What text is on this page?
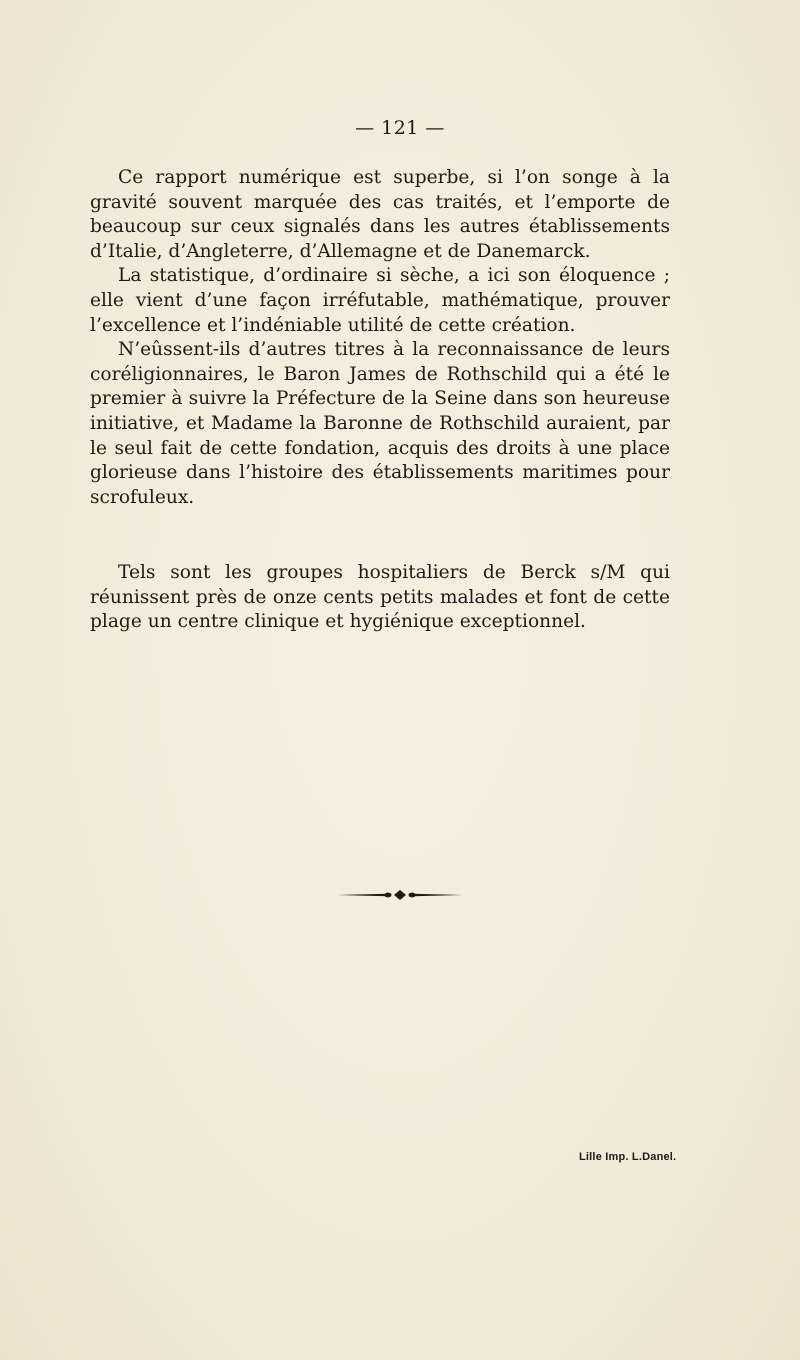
— 121 —

Ce rapport numérique est superbe, si l’on songe à la gravité souvent marquée des cas traités, et l’emporte de beaucoup sur ceux signalés dans les autres établissements d’Italie, d’Angleterre, d’Allemagne et de Danemarck.

La statistique, d’ordinaire si sèche, a ici son éloquence ; elle vient d’une façon irréfutable, mathématique, prouver l’excellence et l’indéniable utilité de cette création.

N’eûssent-ils d’autres titres à la reconnaissance de leurs coréligionnaires, le Baron James de Rothschild qui a été le premier à suivre la Préfecture de la Seine dans son heureuse initiative, et Madame la Baronne de Rothschild auraient, par le seul fait de cette fondation, acquis des droits à une place glorieuse dans l’histoire des établissements maritimes pour scrofuleux.

Tels sont les groupes hospitaliers de Berck s/M qui réunissent près de onze cents petits malades et font de cette plage un centre clinique et hygiénique exceptionnel.

Lille Imp. L.Danel.
